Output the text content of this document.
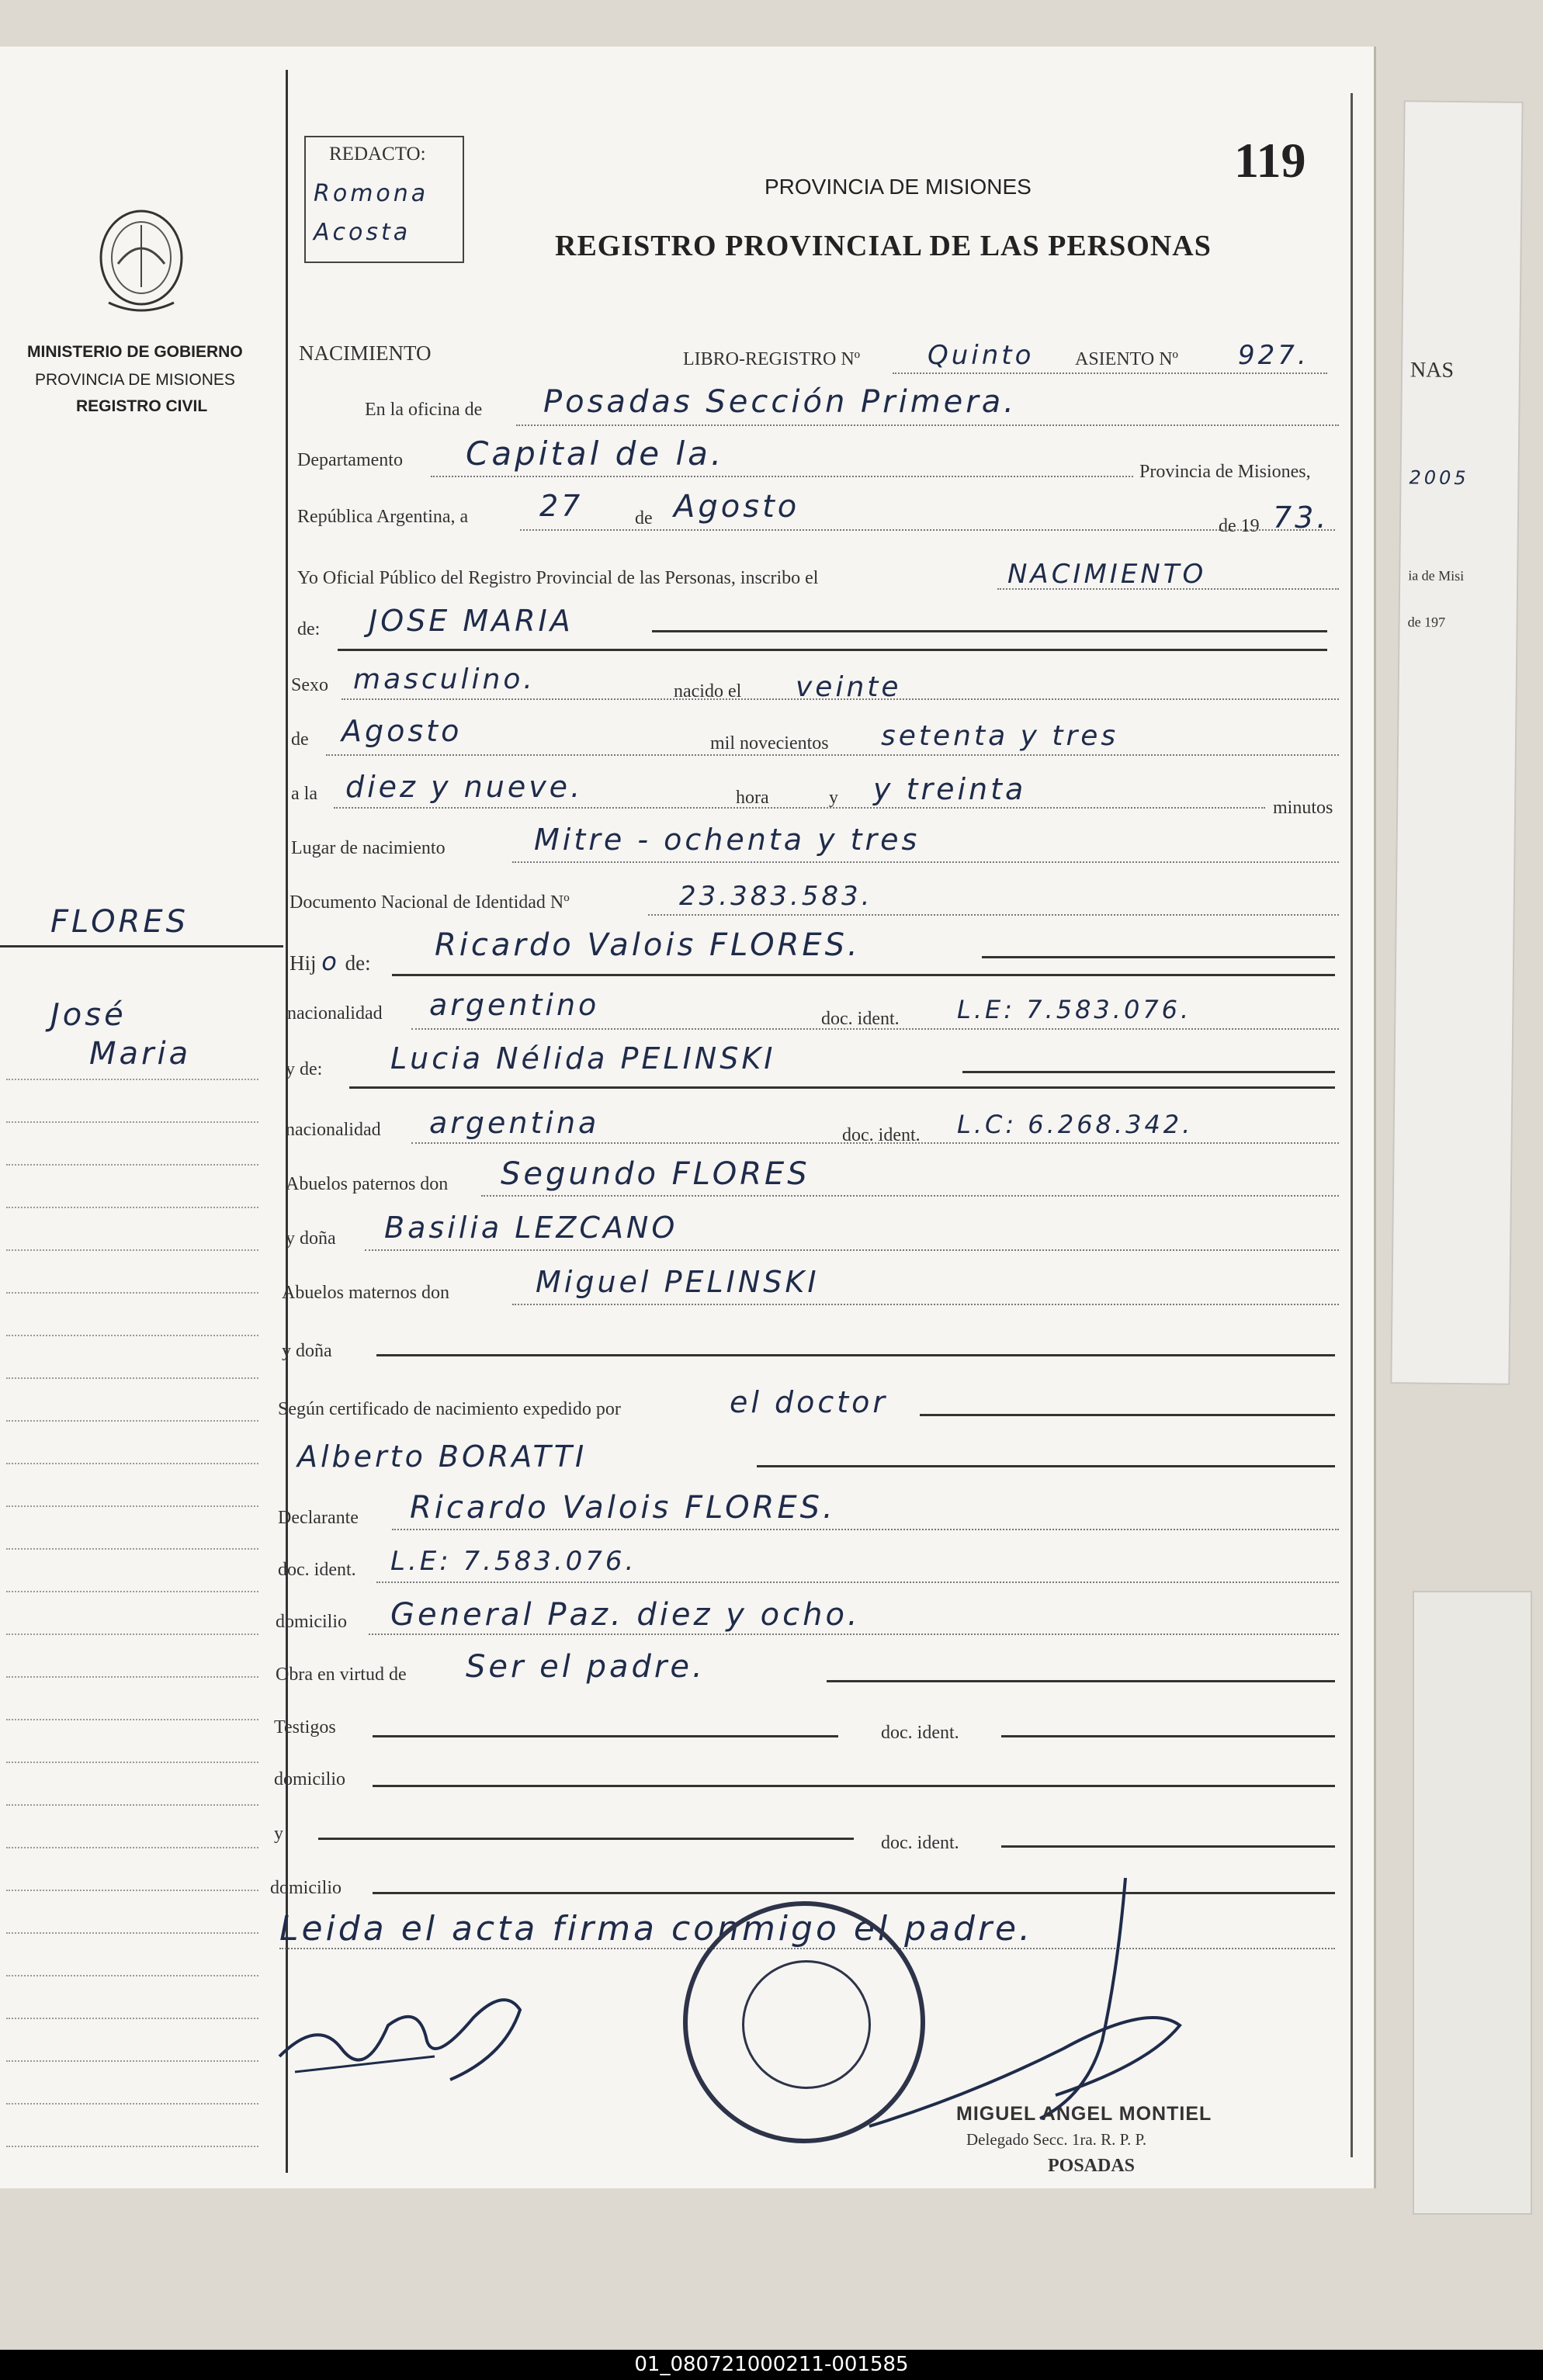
NAS
2005
ia de Misi
de 197
MINISTERIO DE GOBIERNO
PROVINCIA DE MISIONES
REGISTRO CIVIL
FLORES
José
Maria
REDACTO:
Romona
Acosta
119
PROVINCIA DE MISIONES
REGISTRO PROVINCIAL DE LAS PERSONAS
NACIMIENTO	LIBRO-REGISTRO Nº	Quinto ASIENTO Nº 927.
En la oficina de Posadas Sección Primera.
Departamento Capital de la.	Provincia de Misiones,
República Argentina, a 27	de Agosto
de 19 73.
Yo Oficial Público del Registro Provincial de las Personas, inscribo el	NACIMIENTO
de: JOSE MARIA
Sexo masculino.	nacido el veinte
de Agosto	mil novecientos setenta y tres
a la diez y nueve.	hora	y y treinta
minutos
Lugar de nacimiento	Mitre - ochenta y tres
Documento Nacional de Identidad Nº	23.383.583.
Hij o de: Ricardo Valois FLORES.
nacionalidad argentino	doc. ident. L.E: 7.583.076.
y de: Lucia Nélida PELINSKI
nacionalidad argentina	doc. ident. L.C: 6.268.342.
Abuelos paternos don Segundo FLORES
y doña Basilia LEZCANO
Abuelos maternos don	Miguel PELINSKI
y doña
Según certificado de nacimiento expedido por	el doctor
Alberto BORATTI
Declarante Ricardo Valois FLORES.
doc. ident. L.E: 7.583.076.
domicilio General Paz. diez y ocho.
Obra en virtud de Ser el padre.
Testigos	doc. ident.
domicilio
y	doc. ident.
domicilio
Leida el acta firma conmigo el padre.
MIGUEL ANGEL MONTIEL
Delegado Secc. 1ra. R. P. P.
POSADAS
01_080721000211-001585
